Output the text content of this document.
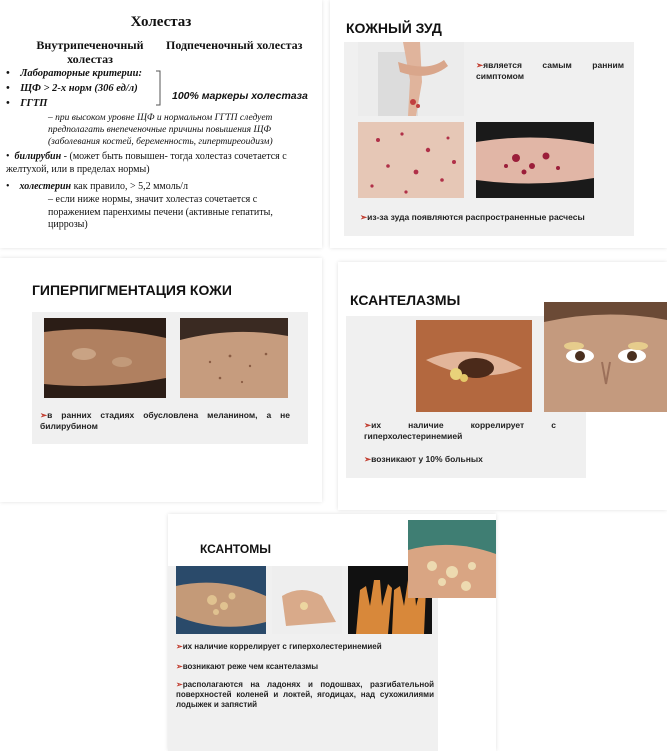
Холестаз
Внутрипеченочный
холестаз
Подпеченочный холестаз
•    Лабораторные критерии:
•    ЩФ > 2-х норм (306 ед/л)
•    ГГТП
100% маркеры холестаза
– при высоком уровне ЩФ и нормальном ГГТП следует предполагать внепеченочные причины повышения ЩФ (заболевания костей, беременность, гипертиреоидизм)
•  билирубин - (может быть повышен- тогда холестаз сочетается с желтухой, или в пределах нормы)
•    холестерин как правило, > 5,2 ммоль/л
– если ниже нормы, значит холестаз сочетается с поражением паренхимы печени (активные гепатиты, циррозы)
КОЖНЫЙ ЗУД
➢является самым ранним симптомом
➢из-за зуда появляются распространенные расчесы
ГИПЕРПИГМЕНТАЦИЯ КОЖИ
➢в ранних стадиях обусловлена меланином, а не билирубином
КСАНТЕЛАЗМЫ
➢их наличие коррелирует с гиперхолестеринемией
➢возникают у 10% больных
КСАНТОМЫ
➢их наличие коррелирует с гиперхолестеринемией
➢возникают реже чем ксантелазмы
➢располагаются на ладонях и подошвах, разгибательной поверхностей коленей и локтей, ягодицах, над сухожилиями лодыжек и запястий
